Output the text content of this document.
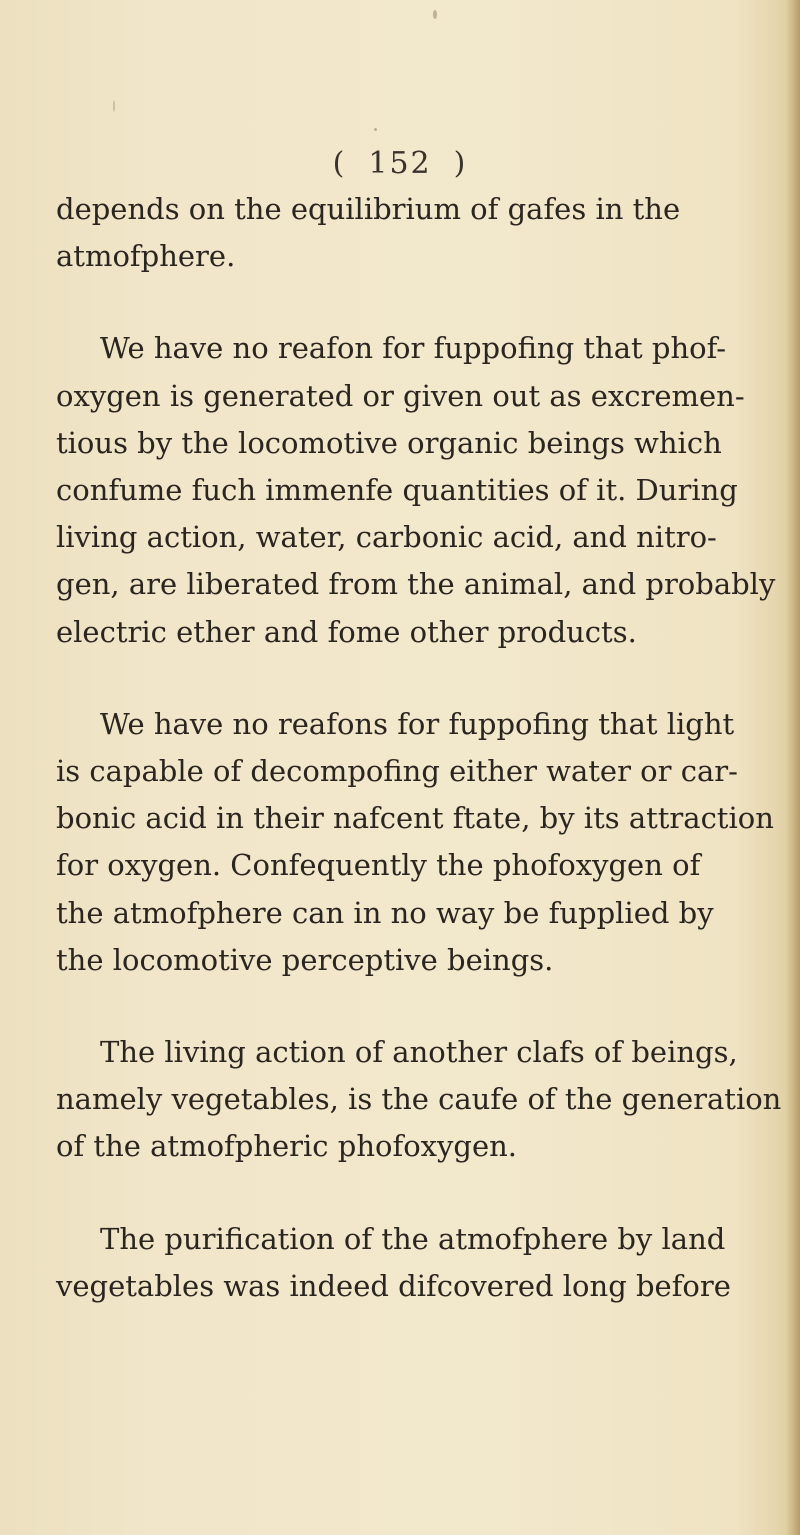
( 152 )

depends on the equilibrium of gafes in the
atmofphere.

We have no reafon for fuppofing that phof-
oxygen is generated or given out as excremen-
tious by the locomotive organic beings which
confume fuch immenfe quantities of it. During
living action, water, carbonic acid, and nitro-
gen, are liberated from the animal, and probably
electric ether and fome other products.

We have no reafons for fuppofing that light
is capable of decompofing either water or car-
bonic acid in their nafcent ftate, by its attraction
for oxygen. Confequently the phofoxygen of
the atmofphere can in no way be fupplied by
the locomotive perceptive beings.

The living action of another clafs of beings,
namely vegetables, is the caufe of the generation
of the atmofpheric phofoxygen.

The purification of the atmofphere by land
vegetables was indeed difcovered long before
